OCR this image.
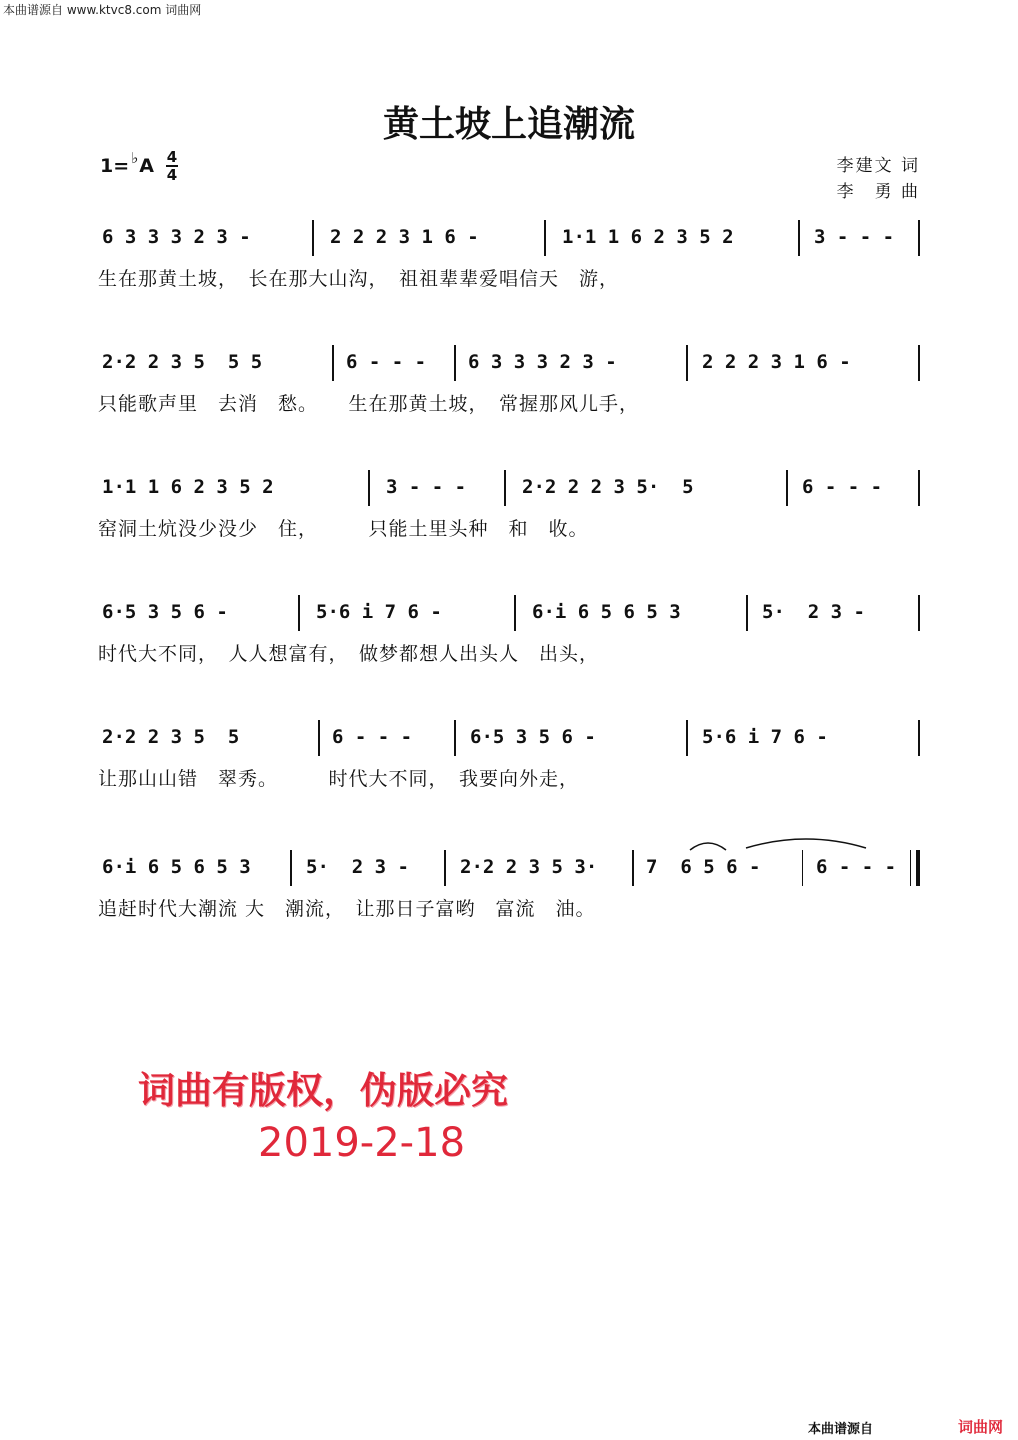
本曲谱源自 www.ktvc8.com 词曲网
黄土坡上追潮流
1= ♭ A 4
4	李建文 词
李　勇 曲
6 3 3 3 2 3 -	2 2 2 3 1 6 -	1·1 1 6 2 3 5 2	3 - - -
生在那黄土坡，　长在那大山沟，　祖祖辈辈爱唱信天　游，
2·2 2 3 5  5 5	6 - - - 6 3 3 3 2 3 -	2 2 2 3 1 6 -
只能歌声里　去消　愁。　　生在那黄土坡，　常握那风儿手，
1·1 1 6 2 3 5 2	3 - - -	2·2 2 2 3 5·  5	6 - - -
窑洞土炕没少没少　住，　　　只能土里头种　和　收。
6·5 3 5 6 -	5·6 i 7 6 -	6·i 6 5 6 5 3	5·  2 3 -
时代大不同，　人人想富有，　做梦都想人出头人　出头，
2·2 2 3 5  5	6 - - -	6·5 3 5 6 -	5·6 i 7 6 -
让那山山错　翠秀。　　　时代大不同，　我要向外走，
6·i 6 5 6 5 3	5·  2 3 -	2·2 2 3 5 3·	7  6 5 6 -	6 - - -
追赶时代大潮流 大　潮流，　让那日子富哟　富流　油。
词曲有版权，伪版必究
2019-2-18
本曲谱源自	词曲网
